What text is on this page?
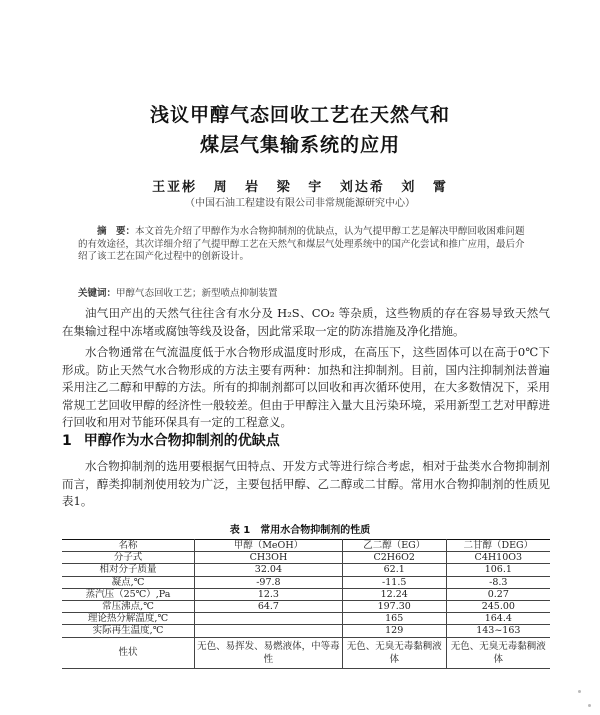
浅议甲醇气态回收工艺在天然气和
煤层气集输系统的应用
王亚彬 周 岩 梁 宇 刘达希 刘 霄
（中国石油工程建设有限公司非常规能源研究中心）

摘　要：本文首先介绍了甲醇作为水合物抑制剂的优缺点，认为气提甲醇工艺是解决甲醇回收困难问题的有效途径，其次详细介绍了气提甲醇工艺在天然气和煤层气处理系统中的国产化尝试和推广应用，最后介绍了该工艺在国产化过程中的创新设计。

关键词：甲醇气态回收工艺；新型喷点抑制装置

油气田产出的天然气往往含有水分及 H₂S、CO₂ 等杂质，这些物质的存在容易导致天然气在集输过程中冻堵或腐蚀等线及设备，因此常采取一定的防冻措施及净化措施。

水合物通常在气流温度低于水合物形成温度时形成，在高压下，这些固体可以在高于0℃下形成。防止天然气水合物形成的方法主要有两种：加热和注抑制剂。目前，国内注抑制剂法普遍采用注乙二醇和甲醇的方法。所有的抑制剂都可以回收和再次循环使用，在大多数情况下，采用常规工艺回收甲醇的经济性一般较差。但由于甲醇注入量大且污染环境，采用新型工艺对甲醇进行回收和用对节能环保具有一定的工程意义。

1 甲醇作为水合物抑制剂的优缺点

水合物抑制剂的选用要根据气田特点、开发方式等进行综合考虑，相对于盐类水合物抑制剂而言，醇类抑制剂使用较为广泛，主要包括甲醇、乙二醇或二甘醇。常用水合物抑制剂的性质见表1。

表 1 常用水合物抑制剂的性质
名称	甲醇（MeOH）	乙二醇（EG）	二甘醇（DEG）
分子式	CH3OH	C2H6O2	C4H10O3
相对分子质量	32.04	62.1	106.1
凝点,℃	-97.8	-11.5	-8.3
蒸汽压（25℃）,Pa	12.3	12.24	0.27
常压沸点,℃	64.7	197.30	245.00
理论热分解温度,℃		165	164.4
实际再生温度,℃		129	143~163
性状	无色、易挥发、易燃液体，中等毒性	无色、无臭无毒黏稠液体	无色、无臭无毒黏稠液体
